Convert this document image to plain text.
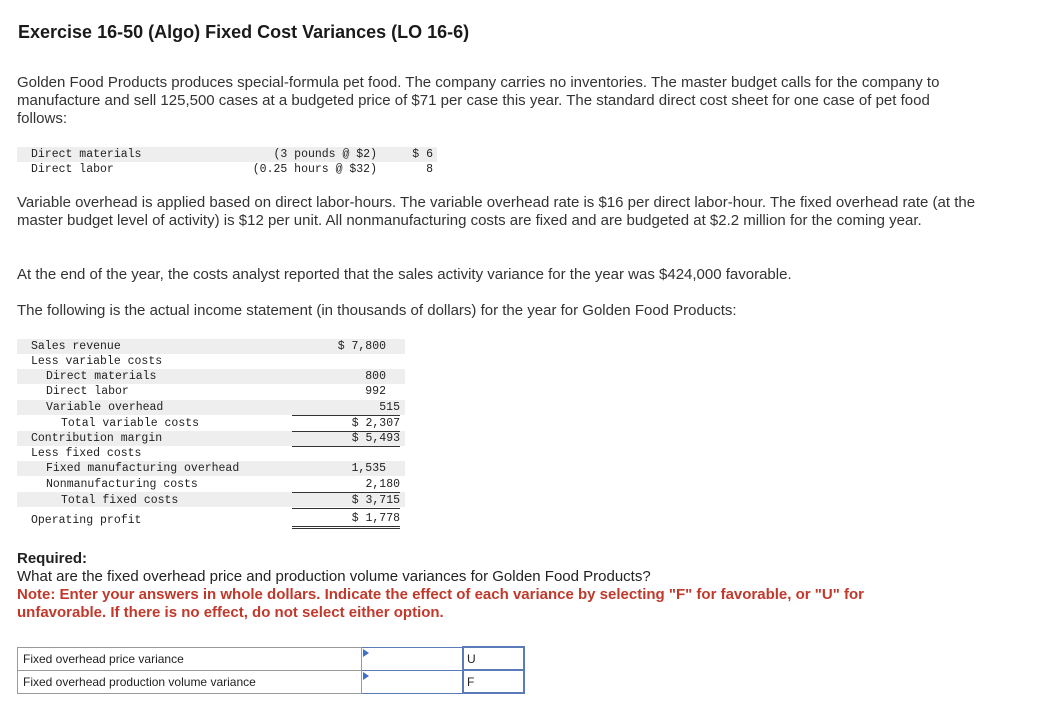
Exercise 16-50 (Algo) Fixed Cost Variances (LO 16-6)
Golden Food Products produces special-formula pet food. The company carries no inventories. The master budget calls for the company to manufacture and sell 125,500 cases at a budgeted price of $71 per case this year. The standard direct cost sheet for one case of pet food follows:
Direct materials	(3 pounds @ $2)	$ 6
Direct labor	(0.25 hours @ $32)	8
Variable overhead is applied based on direct labor-hours. The variable overhead rate is $16 per direct labor-hour. The fixed overhead rate (at the master budget level of activity) is $12 per unit. All nonmanufacturing costs are fixed and are budgeted at $2.2 million for the coming year.
At the end of the year, the costs analyst reported that the sales activity variance for the year was $424,000 favorable.
The following is the actual income statement (in thousands of dollars) for the year for Golden Food Products:
Sales revenue	$ 7,800
Less variable costs
Direct materials	800
Direct labor	992
Variable overhead	515
Total variable costs	$ 2,307
Contribution margin	$ 5,493
Less fixed costs
Fixed manufacturing overhead	1,535
Nonmanufacturing costs	2,180
Total fixed costs	$ 3,715
Operating profit	$ 1,778
Required:
What are the fixed overhead price and production volume variances for Golden Food Products?
Note: Enter your answers in whole dollars. Indicate the effect of each variance by selecting "F" for favorable, or "U" for unfavorable. If there is no effect, do not select either option.
Fixed overhead price variance		U
Fixed overhead production volume variance		F
